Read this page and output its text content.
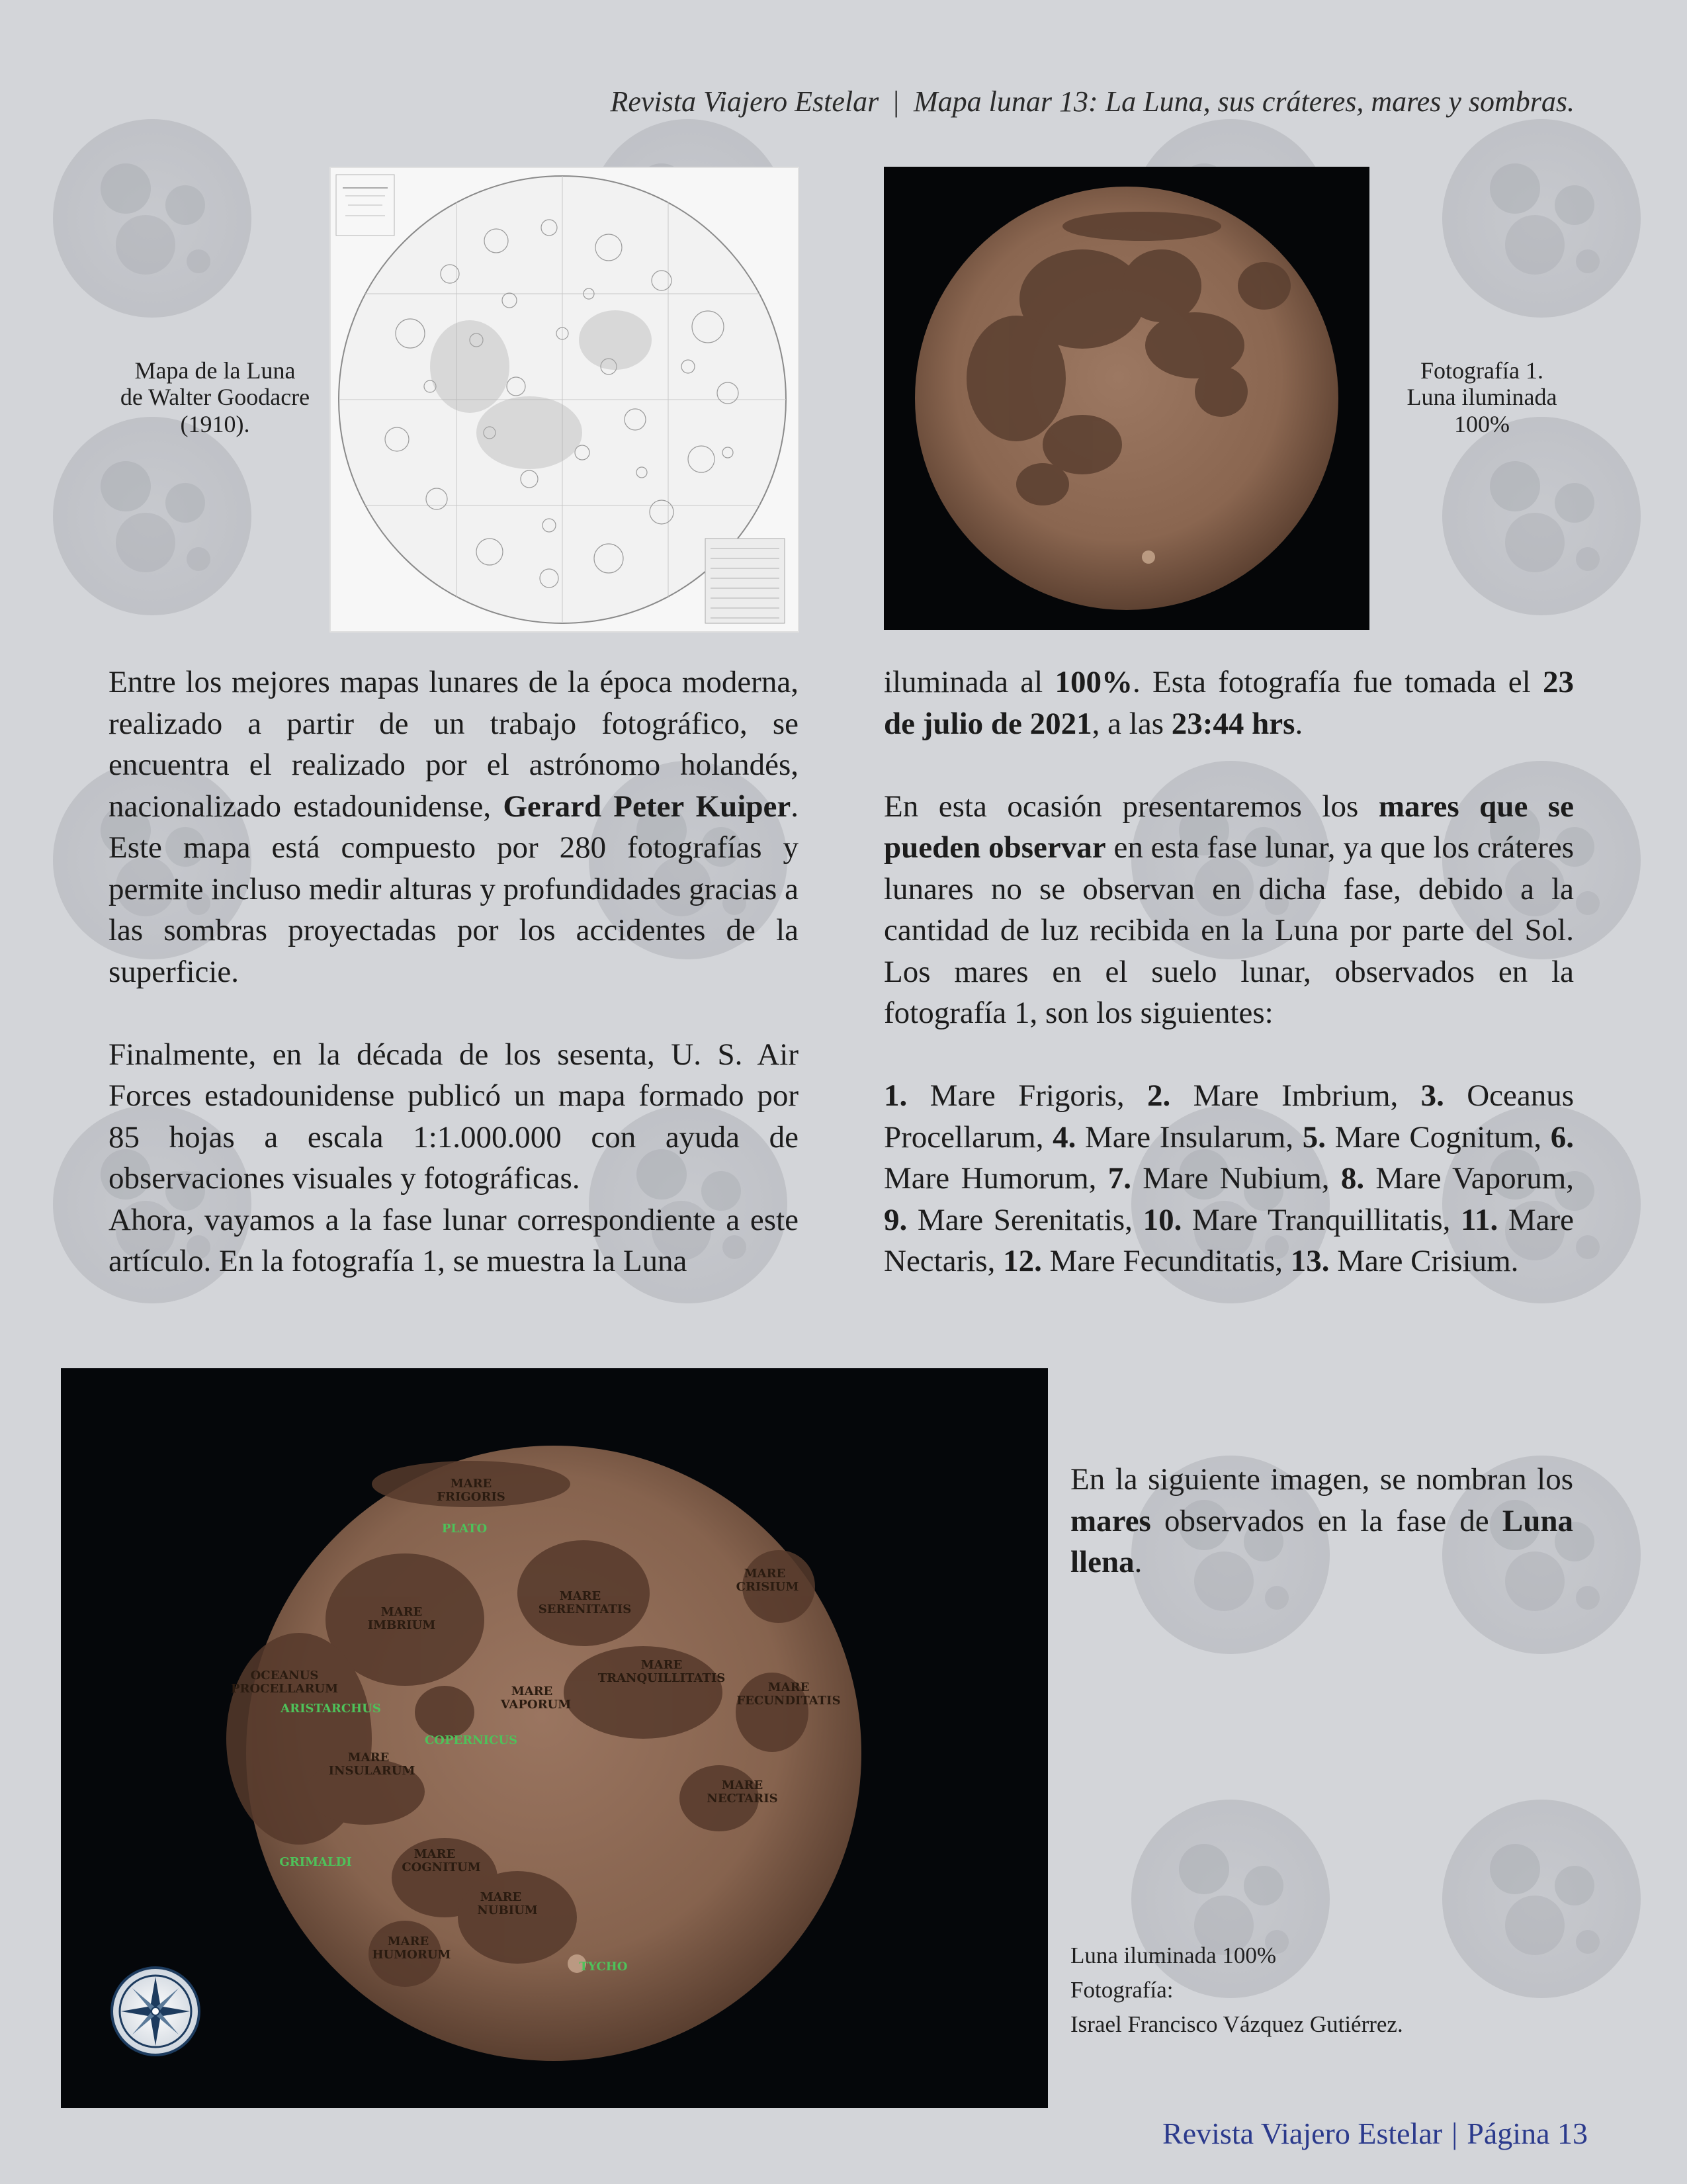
Revista Viajero Estelar | Mapa lunar 13: La Luna, sus cráteres, mares y sombras.
Mapa de la Luna
de Walter Goodacre
(1910).
Fotografía 1.
Luna iluminada
100%

Entre los mejores mapas lunares de la época moderna, realizado a partir de un trabajo fotográfico, se encuentra el realizado por el astrónomo holandés, nacionalizado estadounidense, Gerard Peter Kuiper. Este mapa está compuesto por 280 fotografías y permite incluso medir alturas y profundidades gracias a las sombras proyectadas por los accidentes de la superficie.

Finalmente, en la década de los sesenta, U. S. Air Forces estadounidense publicó un mapa formado por 85 hojas a escala 1:1.000.000 con ayuda de observaciones visuales y fotográficas.

Ahora, vayamos a la fase lunar correspondiente a este artículo. En la fotografía 1, se muestra la Luna

iluminada al 100%. Esta fotografía fue tomada el 23 de julio de 2021, a las 23:44 hrs.

En esta ocasión presentaremos los mares que se pueden observar en esta fase lunar, ya que los cráteres lunares no se observan en dicha fase, debido a la cantidad de luz recibida en la Luna por parte del Sol. Los mares en el suelo lunar, observados en la fotografía 1, son los siguientes:

1. Mare Frigoris, 2. Mare Imbrium, 3. Oceanus Procellarum, 4. Mare Insularum, 5. Mare Cognitum, 6. Mare Humorum, 7. Mare Nubium, 8. Mare Vaporum, 9. Mare Serenitatis, 10. Mare Tranquillitatis, 11. Mare Nectaris, 12. Mare Fecunditatis, 13. Mare Crisium.

MARE
FRIGORIS
PLATO
MARE
SERENITATIS
MARE
CRISIUM
MARE
IMBRIUM
OCEANUS
PROCELLARUM
ARISTARCHUS
MARE
VAPORUM
MARE
TRANQUILLITATIS
MARE
FECUNDITATIS
COPERNICUS
MARE
INSULARUM
MARE
NECTARIS
GRIMALDI
MARE
COGNITUM
MARE
NUBIUM
MARE
HUMORUM
TYCHO

En la siguiente imagen, se nombran los mares observados en la fase de Luna llena.

Luna iluminada 100%
Fotografía:
Israel Francisco Vázquez Gutiérrez.
Revista Viajero Estelar | Página 13
